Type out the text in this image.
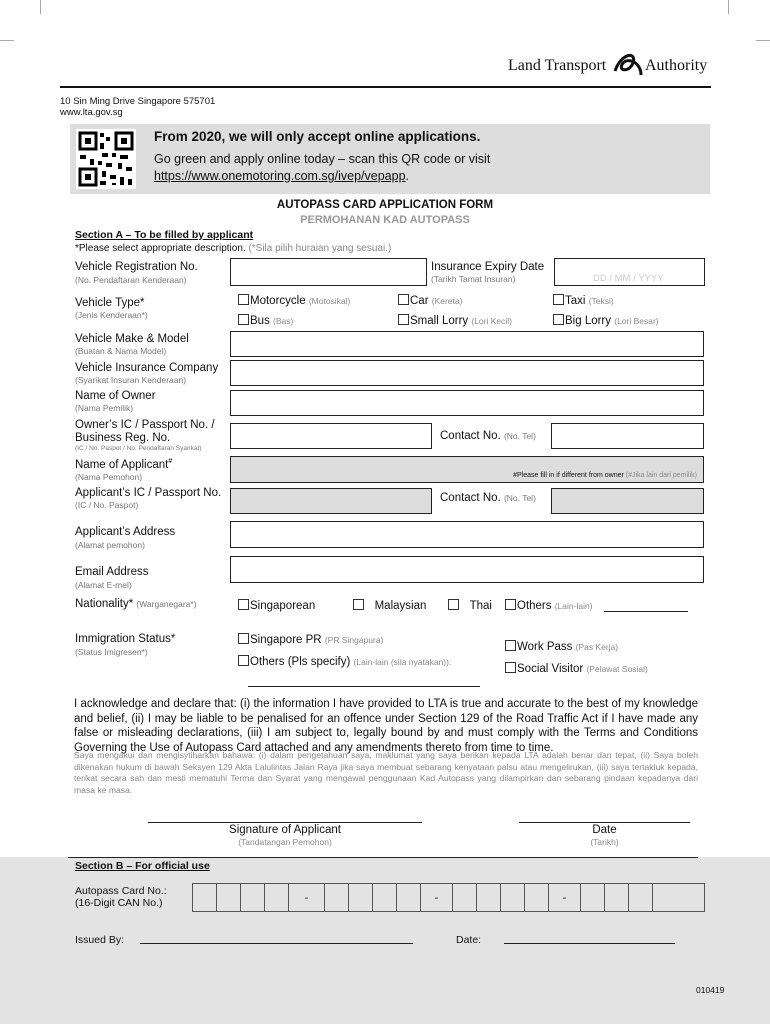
Land Transport Authority
10 Sin Ming Drive Singapore 575701
www.lta.gov.sg
From 2020, we will only accept online applications.
Go green and apply online today – scan this QR code or visit
https://www.onemotoring.com.sg/ivep/vepapp.
AUTOPASS CARD APPLICATION FORM
PERMOHANAN KAD AUTOPASS
Section A – To be filled by applicant
*Please select appropriate description. (*Sila pilih huraian yang sesuai.)
Vehicle Registration No.
(No. Pendaftaran Kenderaan)
Insurance Expiry Date
(Tarikh Tamat Insuran)	DD / MM / YYYY
Vehicle Type*
(Jenis Kenderaan*)
Motorcycle (Motosikal)	Car (Kereta)	Taxi (Teksi)
Bus (Bas)	Small Lorry (Lori Kecil)	Big Lorry (Lori Besar)
Vehicle Make & Model
(Buatan & Nama Model)
Vehicle Insurance Company
(Syarikat Insuran Kenderaan)
Name of Owner
(Nama Pemilik)
Owner’s IC / Passport No. /
Business Reg. No.
(IC / No. Paspot / No. Pendaftaran Syarikat)
Contact No. (No. Tel)
Name of Applicant#
(Nama Pemohon)	#Please fill in if different from owner (#Jika lain dari pemilik)
Applicant’s IC / Passport No.
(IC / No. Paspot)
Contact No. (No. Tel)
Applicant’s Address
(Alamat pemohon)
Email Address
(Alamat E-mel)
Nationality* (Warganegara*)	Singaporean	Malaysian	Thai	Others (Lain-lain)
Immigration Status*
(Status Imigresen*)
Singapore PR (PR Singapura)
Others (Pls specify) (Lain-lain (sila nyatakan)):
Work Pass (Pas Kerja)
Social Visitor (Pelawat Sosial)
I acknowledge and declare that: (i) the information I have provided to LTA is true and accurate to the best of my knowledge and belief, (ii) I may be liable to be penalised for an offence under Section 129 of the Road Traffic Act if I have made any false or misleading declarations, (iii) I am subject to, legally bound by and must comply with the Terms and Conditions Governing the Use of Autopass Card attached and any amendments thereto from time to time.
Saya mengakui dan mengisytiharkan bahawa: (i) dalam pengetahuan saya, maklumat yang saya berikan kepada LTA adalah benar dan tepat, (ii) Saya boleh dikenakan hukum di bawah Seksyen 129 Akta Lalulintas Jalan Raya jika saya membuat sebarang kenyataan palsu atau mengelirukan, (iii) saya tertakluk kepada, terikat secara sah dan mesti mematuhi Terma dan Syarat yang mengawal penggunaan Kad Autopass yang dilampirkan dan sebarang pindaan kepadanya dari masa ke masa.
Signature of Applicant
(Tandatangan Pemohon)
Date
(Tarikh)
Section B – For official use
Autopass Card No.:
(16-Digit CAN No.)	-	-	-
Issued By:	Date:
010419
